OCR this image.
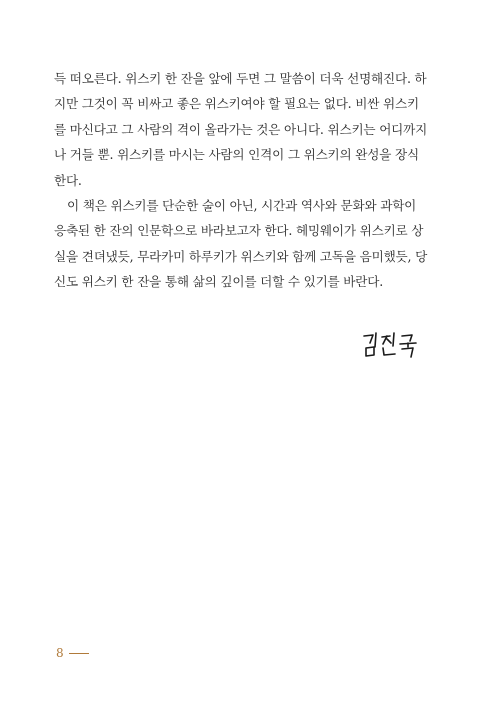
득 떠오른다. 위스키 한 잔을 앞에 두면 그 말씀이 더욱 선명해진다. 하
지만 그것이 꼭 비싸고 좋은 위스키여야 할 필요는 없다. 비싼 위스키
를 마신다고 그 사람의 격이 올라가는 것은 아니다. 위스키는 어디까지
나 거들 뿐. 위스키를 마시는 사람의 인격이 그 위스키의 완성을 장식
한다.
이 책은 위스키를 단순한 술이 아닌, 시간과 역사와 문화와 과학이
응축된 한 잔의 인문학으로 바라보고자 한다. 헤밍웨이가 위스키로 상
실을 견뎌냈듯, 무라카미 하루키가 위스키와 함께 고독을 음미했듯, 당
신도 위스키 한 잔을 통해 삶의 깊이를 더할 수 있기를 바란다.
8
